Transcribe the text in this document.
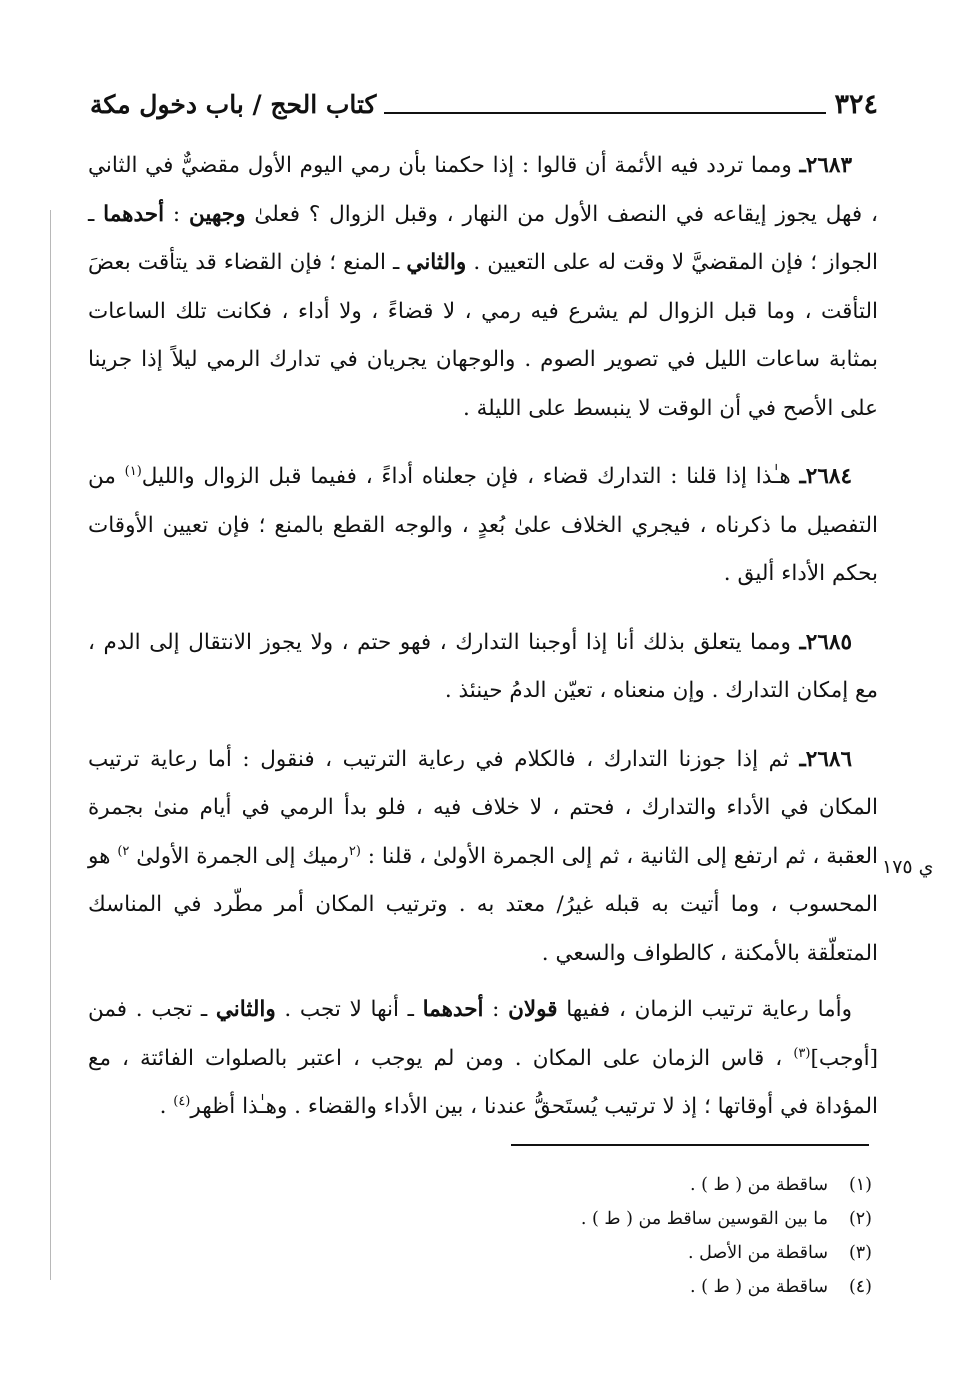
٣٢٤
كتاب الحج / باب دخول مكة

٢٦٨٣ـ ومما تردد فيه الأئمة أن قالوا : إذا حكمنا بأن رمي اليوم الأول مقضيٌّ في الثاني ، فهل يجوز إيقاعه في النصف الأول من النهار ، وقبل الزوال ؟ فعلىٰ وجهين : أحدهما ـ الجواز ؛ فإن المقضيَّ لا وقت له على التعيين . والثاني ـ المنع ؛ فإن القضاء قد يتأقت بعضَ التأقت ، وما قبل الزوال لم يشرع فيه رمي ، لا قضاءً ، ولا أداء ، فكانت تلك الساعات بمثابة ساعات الليل في تصوير الصوم . والوجهان يجريان في تدارك الرمي ليلاً إذا جرينا على الأصح في أن الوقت لا ينبسط على الليلة .

٢٦٨٤ـ هـٰذا إذا قلنا : التدارك قضاء ، فإن جعلناه أداءً ، ففيما قبل الزوال والليل$^{(١)}$ من التفصيل ما ذكرناه ، فيجري الخلاف علىٰ بُعدٍ ، والوجه القطع بالمنع ؛ فإن تعيين الأوقات بحكم الأداء أليق .

٢٦٨٥ـ ومما يتعلق بذلك أنا إذا أوجبنا التدارك ، فهو حتم ، ولا يجوز الانتقال إلى الدم ، مع إمكان التدارك . وإن منعناه ، تعيّن الدمُ حينئذ .

٢٦٨٦ـ ثم إذا جوزنا التدارك ، فالكلام في رعاية الترتيب ، فنقول : أما رعاية ترتيب المكان في الأداء والتدارك ، فحتم ، لا خلاف فيه ، فلو بدأ الرمي في أيام منىٰ بجمرة العقبة ، ثم ارتفع إلى الثانية ، ثم إلى الجمرة الأولىٰ ، قلنا : $^{(٢}$رميك إلى الجمرة الأولىٰ $^{٢)}$ هو المحسوب ، وما أتيت به قبله غيرُ/ معتد به . وترتيب المكان أمر مطّرد في المناسك المتعلّقة بالأمكنة ، كالطواف والسعي .

وأما رعاية ترتيب الزمان ، ففيها قولان : أحدهما ـ أنها لا تجب . والثاني ـ تجب . فمن [أوجب]$^{(٣)}$ ، قاس الزمان على المكان . ومن لم يوجب ، اعتبر بالصلوات الفائتة ، مع المؤداة في أوقاتها ؛ إذ لا ترتيب يُستَحقُّ عندنا ، بين الأداء والقضاء . وهـٰذا أظهر$^{(٤)}$ .

ي ١٧٥

(١)ساقطة من ( ط ) .

(٢)ما بين القوسين ساقط من ( ط ) .

(٣)ساقطة من الأصل .

(٤)ساقطة من ( ط ) .
